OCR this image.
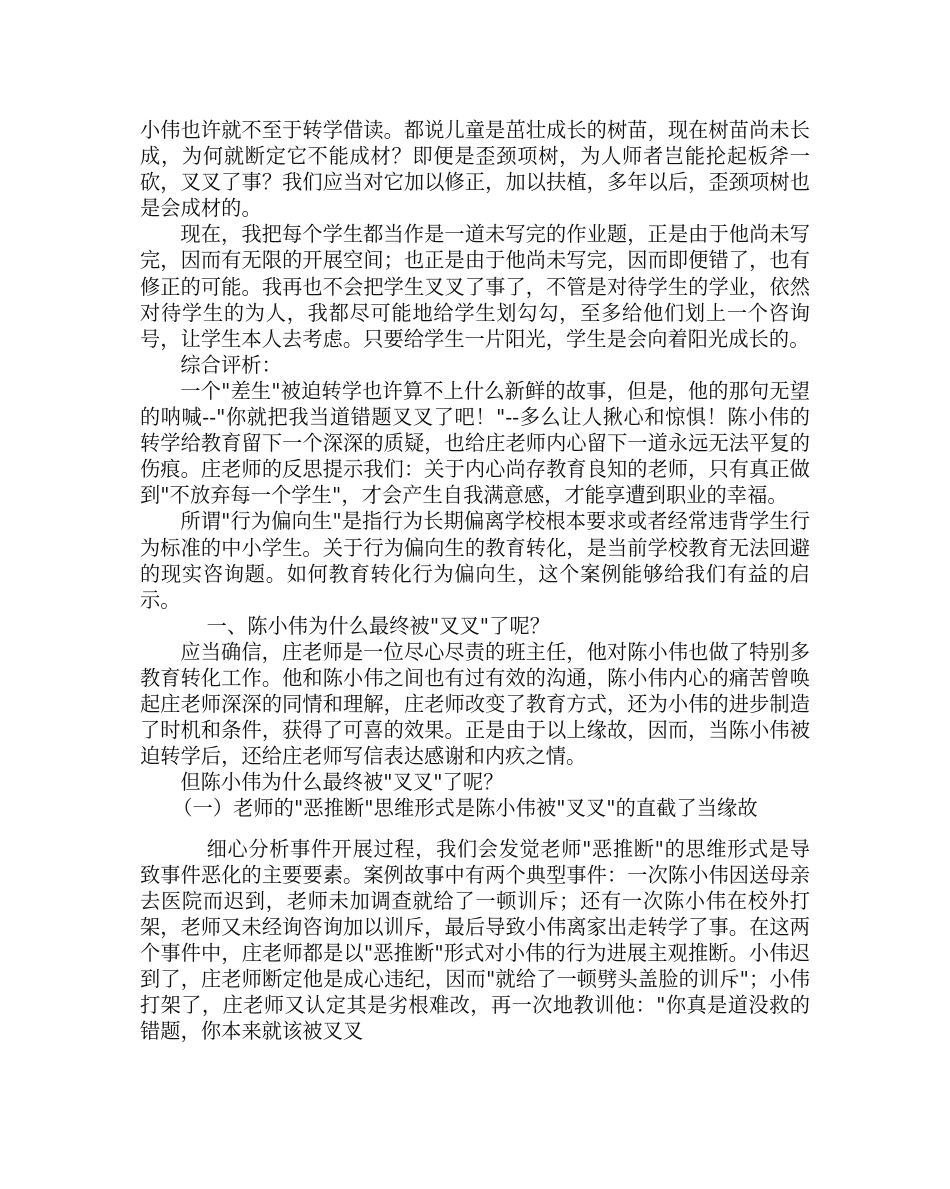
小伟也许就不至于转学借读。都说儿童是茁壮成长的树苗，现在树苗尚未长成，为何就断定它不能成材？即便是歪颈项树，为人师者岂能抡起板斧一砍，叉叉了事？我们应当对它加以修正，加以扶植，多年以后，歪颈项树也是会成材的。

现在，我把每个学生都当作是一道未写完的作业题，正是由于他尚未写完，因而有无限的开展空间；也正是由于他尚未写完，因而即便错了，也有修正的可能。我再也不会把学生叉叉了事了，不管是对待学生的学业，依然对待学生的为人，我都尽可能地给学生划勾勾，至多给他们划上一个咨询号，让学生本人去考虑。只要给学生一片阳光，学生是会向着阳光成长的。

综合评析：

一个"差生"被迫转学也许算不上什么新鲜的故事，但是，他的那句无望的呐喊--"你就把我当道错题叉叉了吧！"--多么让人揪心和惊惧！陈小伟的转学给教育留下一个深深的质疑，也给庄老师内心留下一道永远无法平复的伤痕。庄老师的反思提示我们：关于内心尚存教育良知的老师，只有真正做到"不放弃每一个学生"，才会产生自我满意感，才能享遭到职业的幸福。

所谓"行为偏向生"是指行为长期偏离学校根本要求或者经常违背学生行为标准的中小学生。关于行为偏向生的教育转化，是当前学校教育无法回避的现实咨询题。如何教育转化行为偏向生，这个案例能够给我们有益的启示。

一、陈小伟为什么最终被"叉叉"了呢？

应当确信，庄老师是一位尽心尽责的班主任，他对陈小伟也做了特别多教育转化工作。他和陈小伟之间也有过有效的沟通，陈小伟内心的痛苦曾唤起庄老师深深的同情和理解，庄老师改变了教育方式，还为小伟的进步制造了时机和条件，获得了可喜的效果。正是由于以上缘故，因而，当陈小伟被迫转学后，还给庄老师写信表达感谢和内疚之情。

但陈小伟为什么最终被"叉叉"了呢？

（一）老师的"恶推断"思维形式是陈小伟被"叉叉"的直截了当缘故

细心分析事件开展过程，我们会发觉老师"恶推断"的思维形式是导致事件恶化的主要要素。案例故事中有两个典型事件：一次陈小伟因送母亲去医院而迟到，老师未加调查就给了一顿训斥；还有一次陈小伟在校外打架，老师又未经询咨询加以训斥，最后导致小伟离家出走转学了事。在这两个事件中，庄老师都是以"恶推断"形式对小伟的行为进展主观推断。小伟迟到了，庄老师断定他是成心违纪，因而"就给了一顿劈头盖脸的训斥"；小伟打架了，庄老师又认定其是劣根难改，再一次地教训他："你真是道没救的错题，你本来就该被叉叉
